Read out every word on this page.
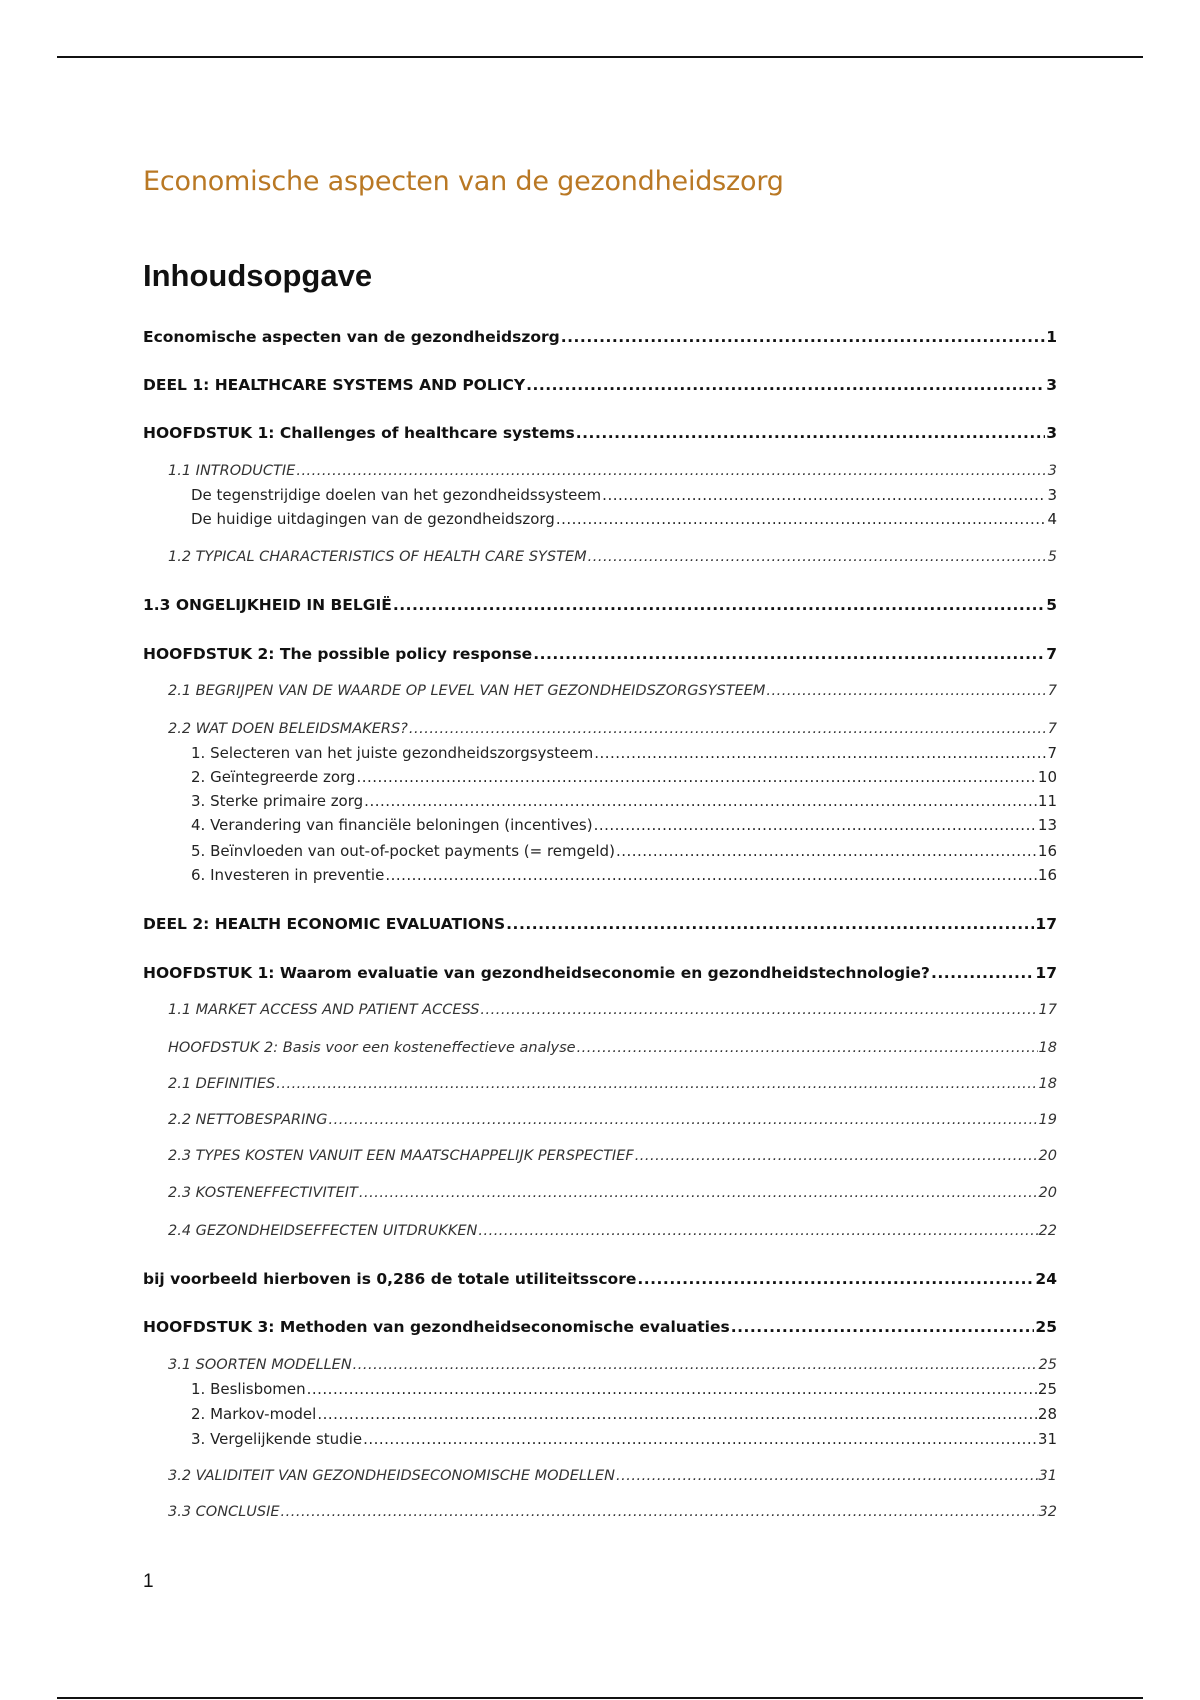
Economische aspecten van de gezondheidszorg
Inhoudsopgave
Economische aspecten van de gezondheidszorg .....	1
DEEL 1: HEALTHCARE SYSTEMS AND POLICY .....	3
HOOFDSTUK 1: Challenges of healthcare systems .....	3
1.1 INTRODUCTIE .....	3
De tegenstrijdige doelen van het gezondheidssysteem .....	3
De huidige uitdagingen van de gezondheidszorg .....	4
1.2 TYPICAL CHARACTERISTICS OF HEALTH CARE SYSTEM .....	5
1.3 ONGELIJKHEID IN BELGIË .....	5
HOOFDSTUK 2: The possible policy response .....	7
2.1 BEGRIJPEN VAN DE WAARDE OP LEVEL VAN HET GEZONDHEIDSZORGSYSTEEM .....	7
2.2 WAT DOEN BELEIDSMAKERS? .....	7
1. Selecteren van het juiste gezondheidszorgsysteem .....	7
2. Geïntegreerde zorg .....	10
3. Sterke primaire zorg .....	11
4. Verandering van financiële beloningen (incentives) .....	13
5. Beïnvloeden van out-of-pocket payments (= remgeld) .....	16
6. Investeren in preventie .....	16
DEEL 2: HEALTH ECONOMIC EVALUATIONS .....	17
HOOFDSTUK 1: Waarom evaluatie van gezondheidseconomie en gezondheidstechnologie? .....	17
1.1 MARKET ACCESS AND PATIENT ACCESS .....	17
HOOFDSTUK 2: Basis voor een kosteneffectieve analyse .....	18
2.1 DEFINITIES .....	18
2.2 NETTOBESPARING .....	19
2.3 TYPES KOSTEN VANUIT EEN MAATSCHAPPELIJK PERSPECTIEF .....	20
2.3 KOSTENEFFECTIVITEIT .....	20
2.4 GEZONDHEIDSEFFECTEN UITDRUKKEN .....	22
bij voorbeeld hierboven is 0,286 de totale utiliteitsscore .....	24
HOOFDSTUK 3: Methoden van gezondheidseconomische evaluaties .....	25
3.1 SOORTEN MODELLEN .....	25
1. Beslisbomen .....	25
2. Markov-model .....	28
3. Vergelijkende studie .....	31
3.2 VALIDITEIT VAN GEZONDHEIDSECONOMISCHE MODELLEN .....	31
3.3 CONCLUSIE .....	32
1
